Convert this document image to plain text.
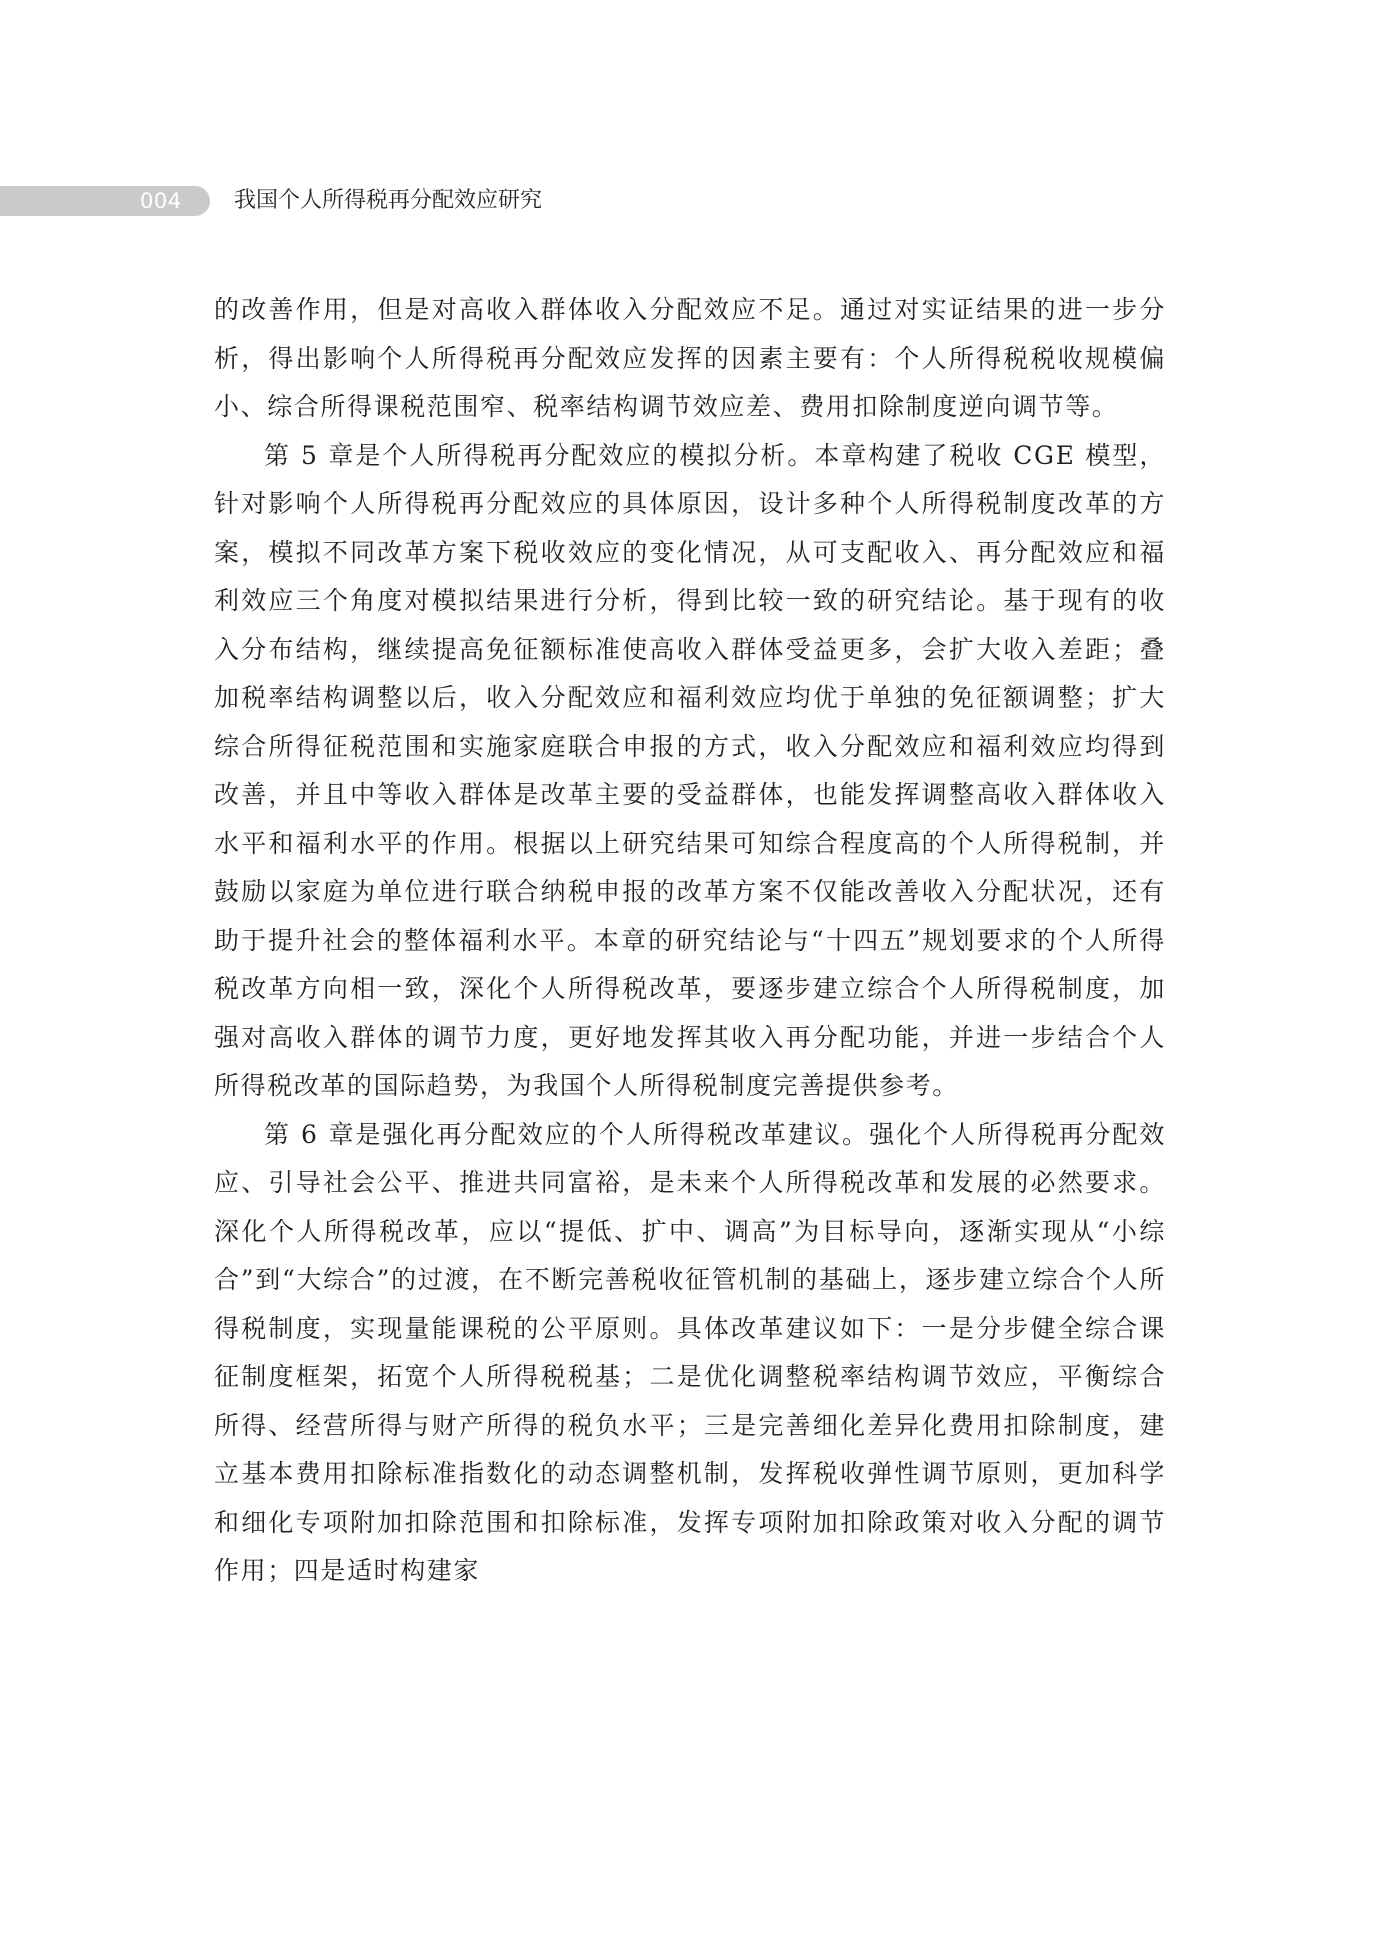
004 我国个人所得税再分配效应研究

的改善作用，但是对高收入群体收入分配效应不足。通过对实证结果的进一步分析，得出影响个人所得税再分配效应发挥的因素主要有：个人所得税税收规模偏小、综合所得课税范围窄、税率结构调节效应差、费用扣除制度逆向调节等。

第 5 章是个人所得税再分配效应的模拟分析。本章构建了税收 CGE 模型，针对影响个人所得税再分配效应的具体原因，设计多种个人所得税制度改革的方案，模拟不同改革方案下税收效应的变化情况，从可支配收入、再分配效应和福利效应三个角度对模拟结果进行分析，得到比较一致的研究结论。基于现有的收入分布结构，继续提高免征额标准使高收入群体受益更多，会扩大收入差距；叠加税率结构调整以后，收入分配效应和福利效应均优于单独的免征额调整；扩大综合所得征税范围和实施家庭联合申报的方式，收入分配效应和福利效应均得到改善，并且中等收入群体是改革主要的受益群体，也能发挥调整高收入群体收入水平和福利水平的作用。根据以上研究结果可知综合程度高的个人所得税制，并鼓励以家庭为单位进行联合纳税申报的改革方案不仅能改善收入分配状况，还有助于提升社会的整体福利水平。本章的研究结论与“十四五”规划要求的个人所得税改革方向相一致，深化个人所得税改革，要逐步建立综合个人所得税制度，加强对高收入群体的调节力度，更好地发挥其收入再分配功能，并进一步结合个人所得税改革的国际趋势，为我国个人所得税制度完善提供参考。

第 6 章是强化再分配效应的个人所得税改革建议。强化个人所得税再分配效应、引导社会公平、推进共同富裕，是未来个人所得税改革和发展的必然要求。深化个人所得税改革，应以“提低、扩中、调高”为目标导向，逐渐实现从“小综合”到“大综合”的过渡，在不断完善税收征管机制的基础上，逐步建立综合个人所得税制度，实现量能课税的公平原则。具体改革建议如下：一是分步健全综合课征制度框架，拓宽个人所得税税基；二是优化调整税率结构调节效应，平衡综合所得、经营所得与财产所得的税负水平；三是完善细化差异化费用扣除制度，建立基本费用扣除标准指数化的动态调整机制，发挥税收弹性调节原则，更加科学和细化专项附加扣除范围和扣除标准，发挥专项附加扣除政策对收入分配的调节作用；四是适时构建家
